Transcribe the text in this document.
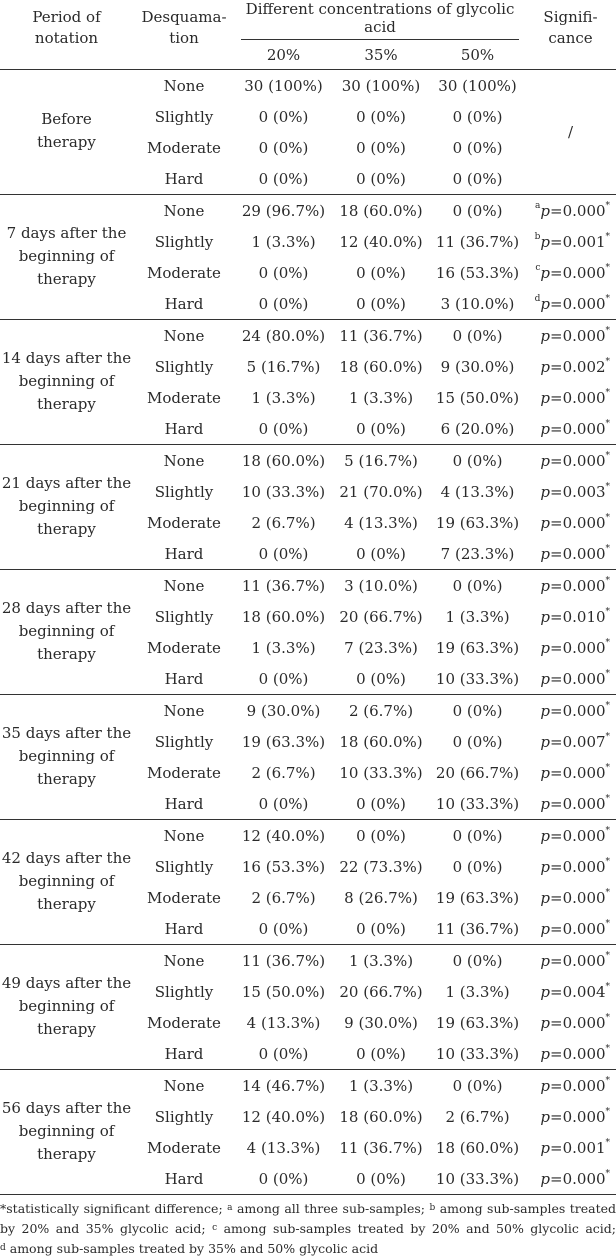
Period of
notation	Desquama-
tion	Different concentrations of glycolic acid			Signifi-
cance
		20%	35%	50%	
Before
therapy	None	30 (100%)	30 (100%)	30 (100%)	/
	Slightly	0 (0%)	0 (0%)	0 (0%)	
	Moderate	0 (0%)	0 (0%)	0 (0%)	
	Hard	0 (0%)	0 (0%)	0 (0%)	
7 days after the
beginning of
therapy	None	29 (96.7%)	18 (60.0%)	0 (0%)	$^a$p=0.000*
	Slightly	1 (3.3%)	12 (40.0%)	11 (36.7%)	$^b$p=0.001*
	Moderate	0 (0%)	0 (0%)	16 (53.3%)	$^c$p=0.000*
	Hard	0 (0%)	0 (0%)	3 (10.0%)	$^d$p=0.000*
14 days after the
beginning of
therapy	None	24 (80.0%)	11 (36.7%)	0 (0%)	p=0.000*
	Slightly	5 (16.7%)	18 (60.0%)	9 (30.0%)	p=0.002*
	Moderate	1 (3.3%)	1 (3.3%)	15 (50.0%)	p=0.000*
	Hard	0 (0%)	0 (0%)	6 (20.0%)	p=0.000*
21 days after the
beginning of
therapy	None	18 (60.0%)	5 (16.7%)	0 (0%)	p=0.000*
	Slightly	10 (33.3%)	21 (70.0%)	4 (13.3%)	p=0.003*
	Moderate	2 (6.7%)	4 (13.3%)	19 (63.3%)	p=0.000*
	Hard	0 (0%)	0 (0%)	7 (23.3%)	p=0.000*
28 days after the
beginning of
therapy	None	11 (36.7%)	3 (10.0%)	0 (0%)	p=0.000*
	Slightly	18 (60.0%)	20 (66.7%)	1 (3.3%)	p=0.010*
	Moderate	1 (3.3%)	7 (23.3%)	19 (63.3%)	p=0.000*
	Hard	0 (0%)	0 (0%)	10 (33.3%)	p=0.000*
35 days after the
beginning of
therapy	None	9 (30.0%)	2 (6.7%)	0 (0%)	p=0.000*
	Slightly	19 (63.3%)	18 (60.0%)	0 (0%)	p=0.007*
	Moderate	2 (6.7%)	10 (33.3%)	20 (66.7%)	p=0.000*
	Hard	0 (0%)	0 (0%)	10 (33.3%)	p=0.000*
42 days after the
beginning of
therapy	None	12 (40.0%)	0 (0%)	0 (0%)	p=0.000*
	Slightly	16 (53.3%)	22 (73.3%)	0 (0%)	p=0.000*
	Moderate	2 (6.7%)	8 (26.7%)	19 (63.3%)	p=0.000*
	Hard	0 (0%)	0 (0%)	11 (36.7%)	p=0.000*
49 days after the
beginning of
therapy	None	11 (36.7%)	1 (3.3%)	0 (0%)	p=0.000*
	Slightly	15 (50.0%)	20 (66.7%)	1 (3.3%)	p=0.004*
	Moderate	4 (13.3%)	9 (30.0%)	19 (63.3%)	p=0.000*
	Hard	0 (0%)	0 (0%)	10 (33.3%)	p=0.000*
56 days after the
beginning of
therapy	None	14 (46.7%)	1 (3.3%)	0 (0%)	p=0.000*
	Slightly	12 (40.0%)	18 (60.0%)	2 (6.7%)	p=0.000*
	Moderate	4 (13.3%)	11 (36.7%)	18 (60.0%)	p=0.001*
	Hard	0 (0%)	0 (0%)	10 (33.3%)	p=0.000*
*statistically significant difference; $^a$ among all three sub-samples; $^b$ among sub-samples treated
by 20% and 35% glycolic acid; $^c$ among sub-samples treated by 20% and 50% glycolic acid;
$^d$ among sub-samples treated by 35% and 50% glycolic acid
